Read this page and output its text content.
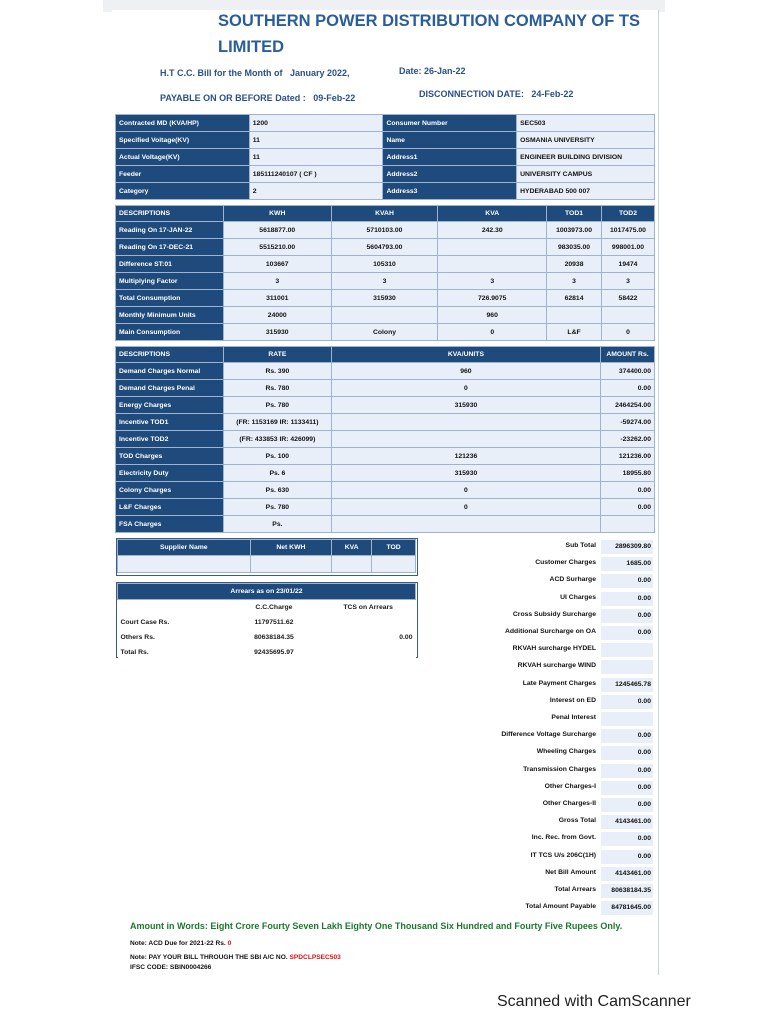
SOUTHERN POWER DISTRIBUTION COMPANY OF TS LIMITED
H.T C.C. Bill for the Month of January 2022,	Date: 26-Jan-22
PAYABLE ON OR BEFORE Dated : 09-Feb-22	DISCONNECTION DATE: 24-Feb-22
Contracted MD (KVA/HP)	1200	Consumer Number	SEC503
Specified Voltage(KV)	11	Name	OSMANIA UNIVERSITY
Actual Voltage(KV)	11	Address1	ENGINEER BUILDING DIVISION
Feeder	185111240107 ( CF )	Address2	UNIVERSITY CAMPUS
Category	2	Address3	HYDERABAD 500 007
DESCRIPTIONS	KWH	KVAH	KVA	TOD1	TOD2
Reading On 17-JAN-22	5618877.00	5710103.00	242.30	1003973.00	1017475.00
Reading On 17-DEC-21	5515210.00	5604793.00		983035.00	998001.00
Difference ST:01	103667	105310		20938	19474
Multiplying Factor	3	3	3	3	3
Total Consumption	311001	315930	726.9075	62814	58422
Monthly Minimum Units	24000		960		
Main Consumption	315930	Colony	0	L&F	0
DESCRIPTIONS	RATE	KVA/UNITS	AMOUNT Rs.
Demand Charges Normal	Rs. 390	960	374400.00
Demand Charges Penal	Rs. 780	0	0.00
Energy Charges	Ps. 780	315930	2464254.00
Incentive TOD1	(FR: 1153169 IR: 1133411)		-59274.00
Incentive TOD2	(FR: 433853 IR: 426099)		-23262.00
TOD Charges	Ps. 100	121236	121236.00
Electricity Duty	Ps. 6	315930	18955.80
Colony Charges	Ps. 630	0	0.00
L&F Charges	Ps. 780	0	0.00
FSA Charges	Ps.		
Supplier Name	Net KWH	KVA	TOD

Arrears as on 23/01/22		
	C.C.Charge	TCS on Arrears
Court Case Rs.	11797511.62	
Others Rs.	80638184.35	0.00
Total Rs.	92435695.97	
Sub Total	2896309.80
Customer Charges	1685.00
ACD Surharge	0.00
UI Charges	0.00
Cross Subsidy Surcharge	0.00
Additional Surcharge on OA	0.00
RKVAH surcharge HYDEL
RKVAH surcharge WIND
Late Payment Charges	1245465.78
Interest on ED	0.00
Penal Interest
Difference Voltage Surcharge	0.00
Wheeling Charges	0.00
Transmission Charges	0.00
Other Charges-I	0.00
Other Charges-II	0.00
Gross Total	4143461.00
Inc. Rec. from Govt.	0.00
IT TCS U/s 206C(1H)	0.00
Net Bill Amount	4143461.00
Total Arrears	80638184.35
Total Amount Payable	84781645.00
Amount in Words: Eight Crore Fourty Seven Lakh Eighty One Thousand Six Hundred and Fourty Five Rupees Only.
Note: ACD Due for 2021-22 Rs. 0
Note: PAY YOUR BILL THROUGH THE SBI A/C NO. SPDCLPSEC503
IFSC CODE: SBIN0004266
Scanned with CamScanner
